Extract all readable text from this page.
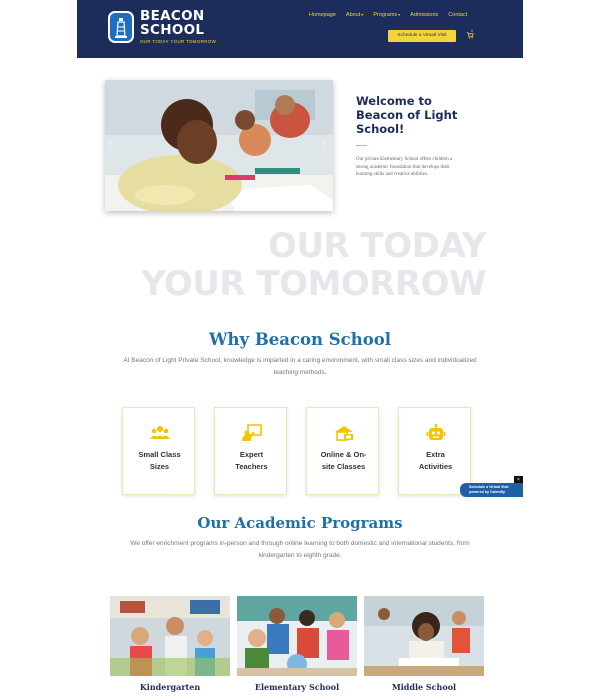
BEACON
SCHOOL
OUR TODAY YOUR TOMORROW
Homepage About▾ Programs▾ Admissions Contact
Schedule a Virtual Visit
0
‹	›
Welcome to Beacon of Light School!
Our private Elementary School offers children a strong academic foundation that develops their learning skills and creative abilities.
OUR TODAY
YOUR TOMORROW
Why Beacon School
At Beacon of Light Private School, knowledge is imparted in a caring environment, with small class sizes and individualized teaching methods.
Small Class
Sizes
Expert
Teachers
Online & On-
site Classes
Extra
Activities
×
Schedule a Virtual Visit
powered by Calendly
Our Academic Programs
We offer enrichment programs in-person and through online learning to both domestic and international students, from kindergarten to eighth grade.
Kindergarten	Elementary School	Middle School
